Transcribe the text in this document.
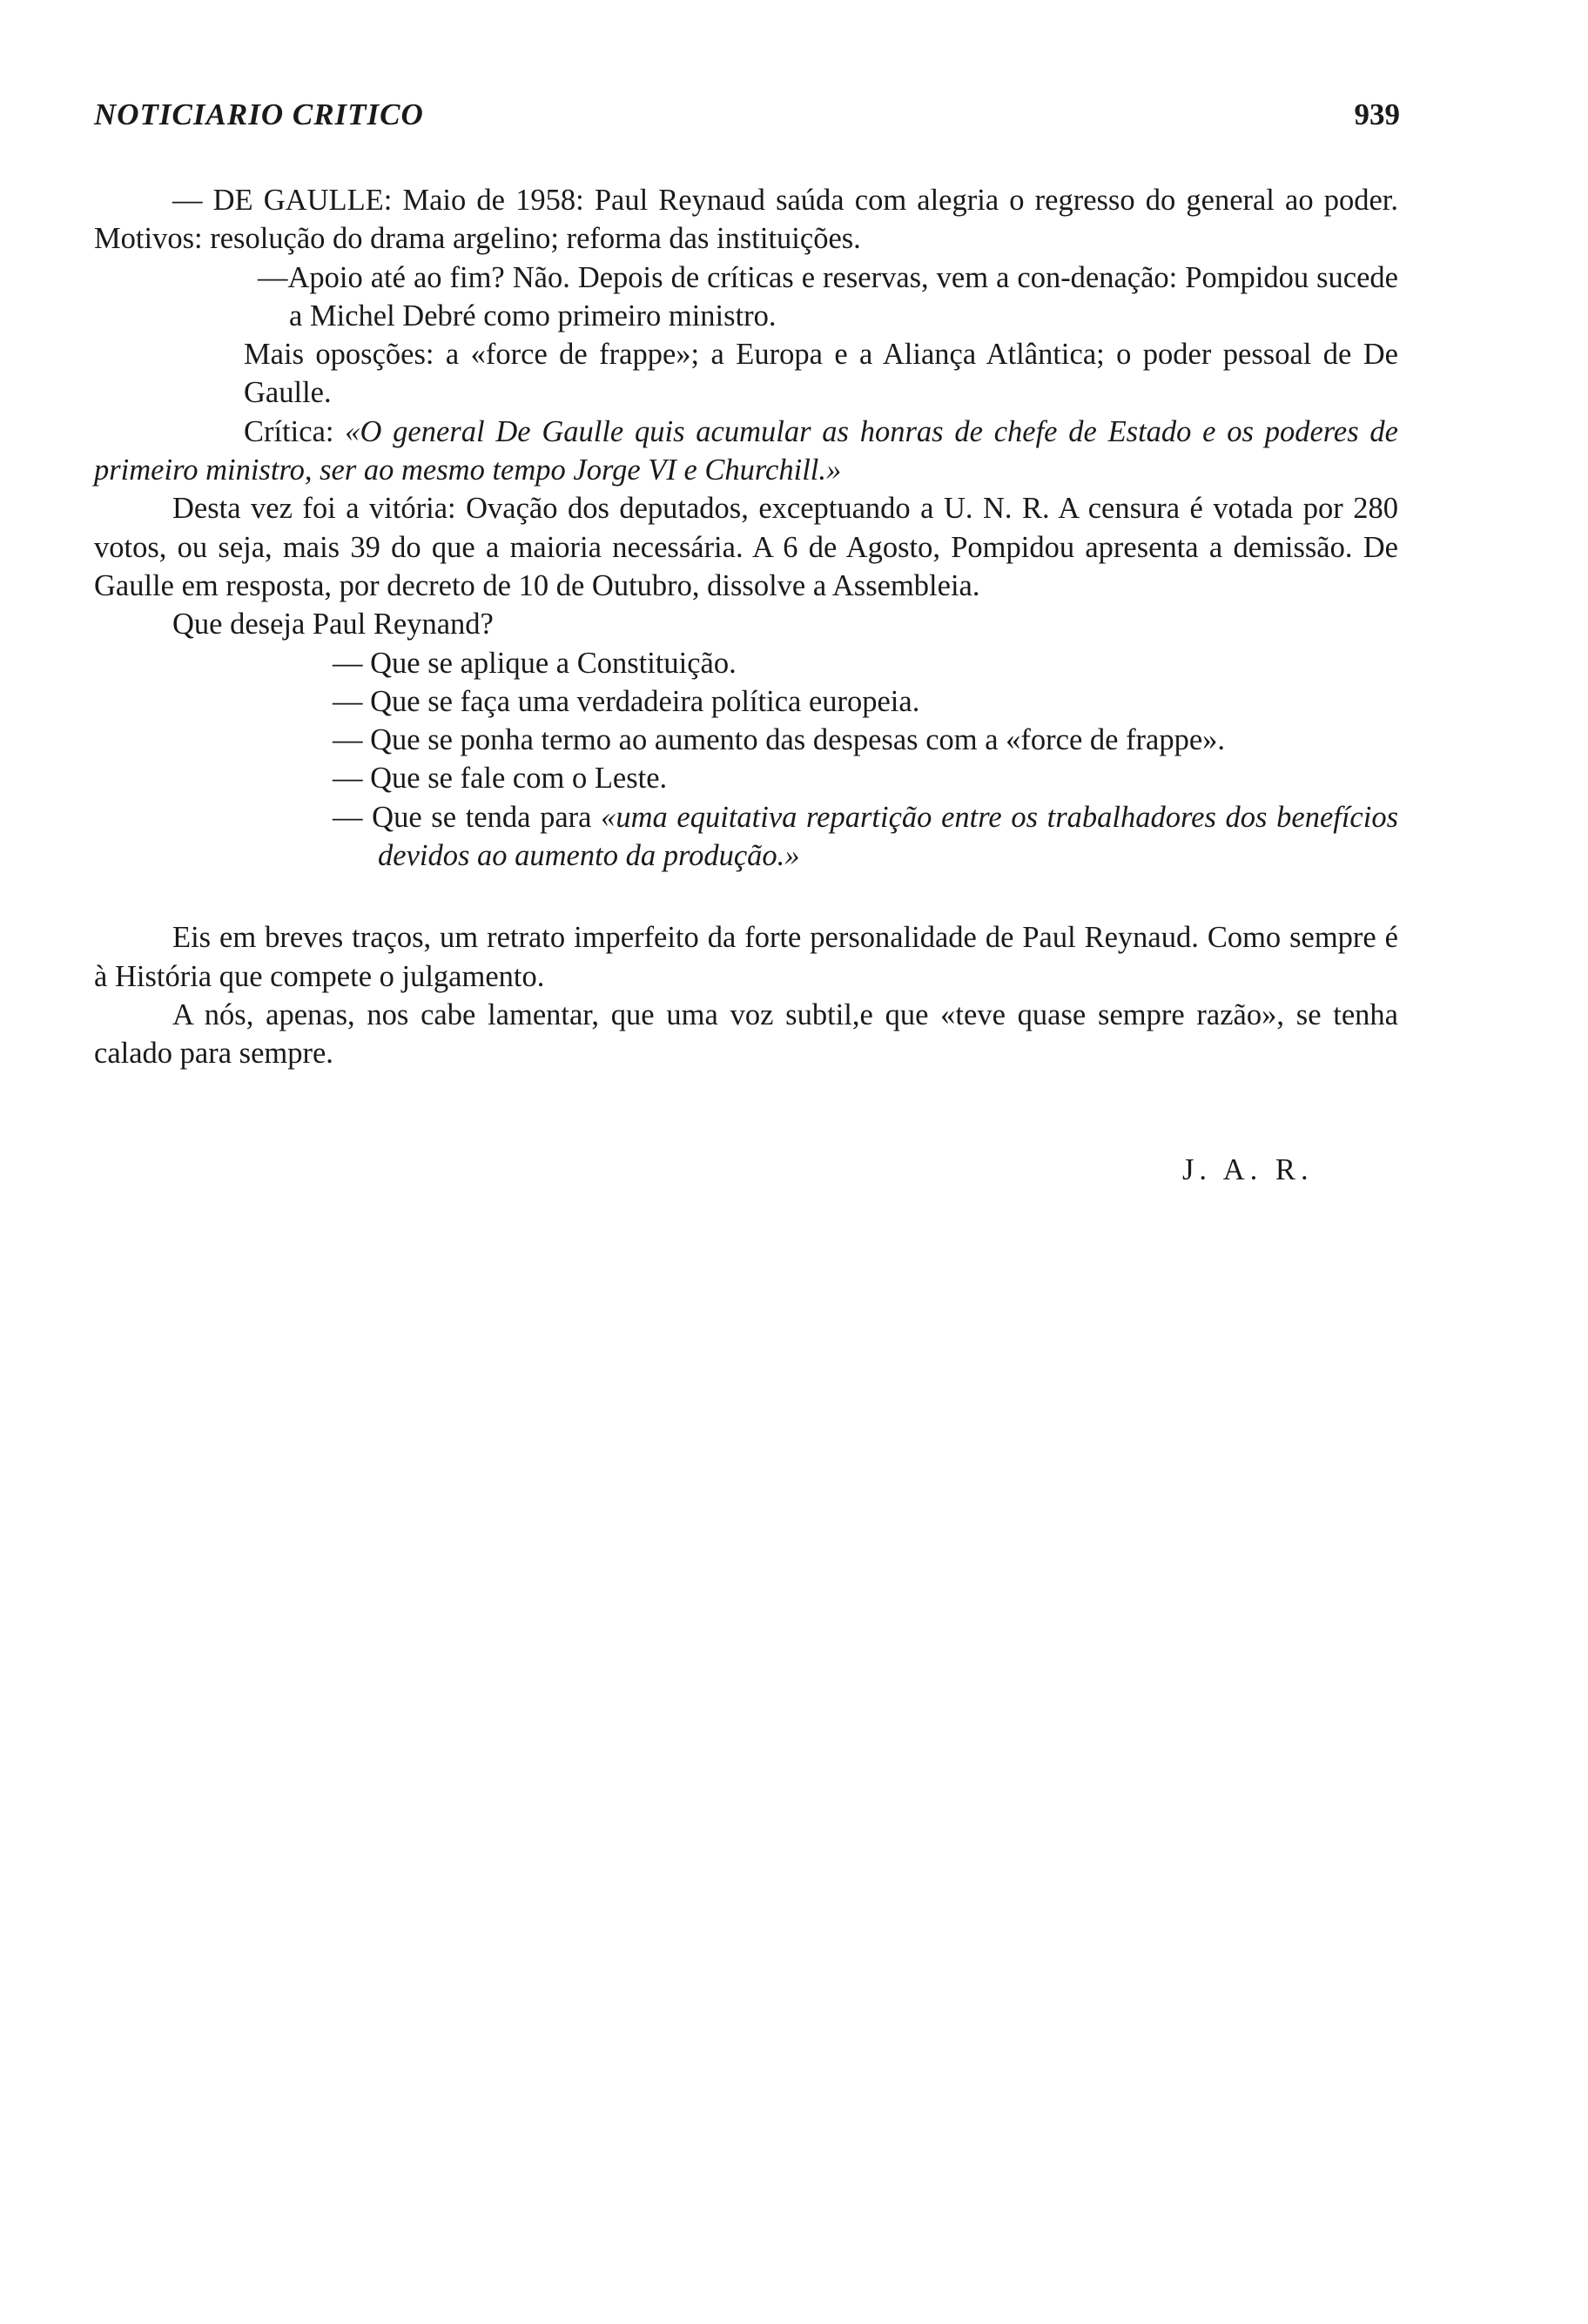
NOTICIARIO CRITICO	939

— DE GAULLE: Maio de 1958: Paul Reynaud saúda com alegria o regresso do general ao poder. Motivos: resolução do drama argelino; reforma das instituições.

—Apoio até ao fim? Não. Depois de críticas e reservas, vem a con-denação: Pompidou sucede a Michel Debré como primeiro ministro.

Mais oposções: a «force de frappe»; a Europa e a Aliança Atlântica; o poder pessoal de De Gaulle.

Crítica: «O general De Gaulle quis acumular as honras de chefe de Estado e os poderes de primeiro ministro, ser ao mesmo tempo Jorge VI e Churchill.»

Desta vez foi a vitória: Ovação dos deputados, exceptuando a U. N. R. A censura é votada por 280 votos, ou seja, mais 39 do que a maioria necessária. A 6 de Agosto, Pompidou apresenta a demissão. De Gaulle em resposta, por decreto de 10 de Outubro, dissolve a Assembleia.

Que deseja Paul Reynand?

— Que se aplique a Constituição.

— Que se faça uma verdadeira política europeia.

— Que se ponha termo ao aumento das despesas com a «force de frappe».

— Que se fale com o Leste.

— Que se tenda para «uma equitativa repartição entre os trabalhadores dos benefícios devidos ao aumento da produção.»

Eis em breves traços, um retrato imperfeito da forte personalidade de Paul Reynaud. Como sempre é à História que compete o julgamento.

A nós, apenas, nos cabe lamentar, que uma voz subtil,e que «teve quase sempre razão», se tenha calado para sempre.

J. A. R.
